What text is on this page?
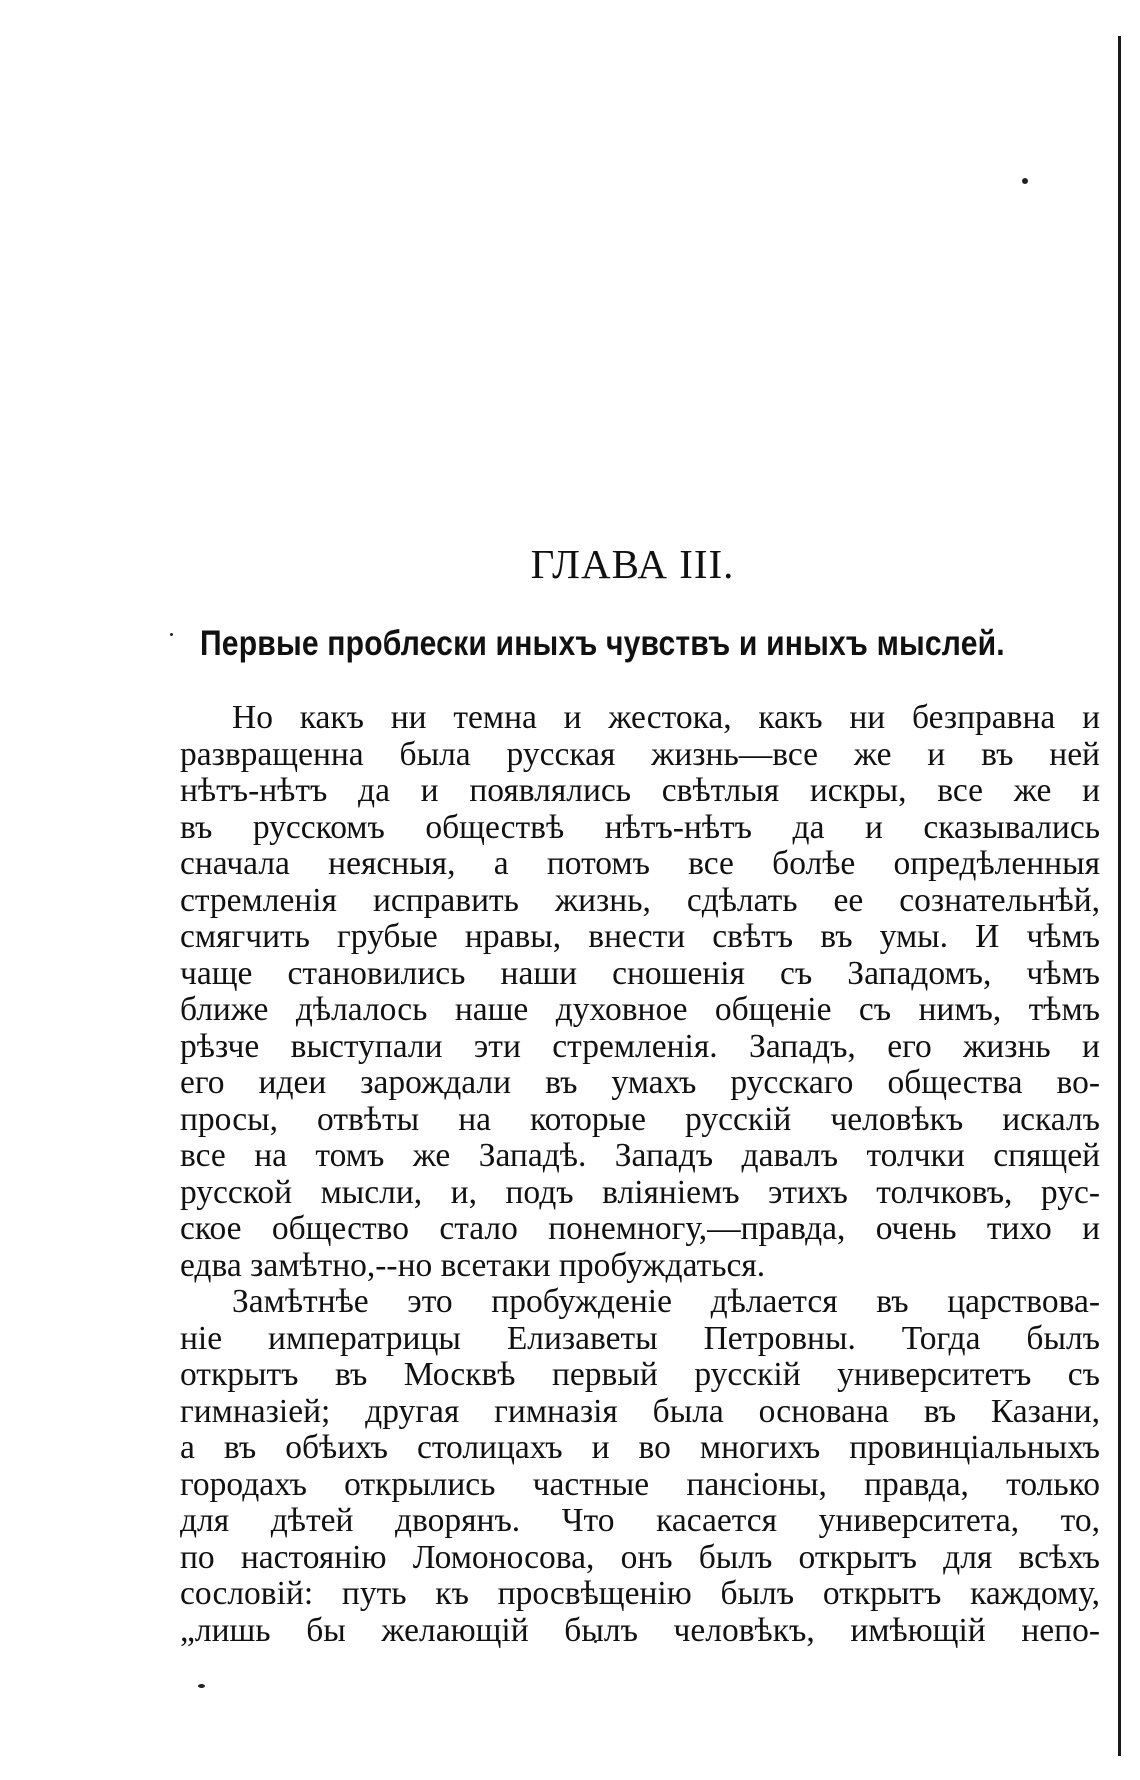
ГЛАВА III.
Первые проблески иныхъ чувствъ и иныхъ мыслей.
Но какъ ни темна и жестока, какъ ни безправна и
развращенна была русская жизнь—все же и въ ней
нѣтъ-нѣтъ да и появлялись свѣтлыя искры, все же и
въ русскомъ обществѣ нѣтъ-нѣтъ да и сказывались
сначала неясныя, а потомъ все болѣе опредѣленныя
стремленія исправить жизнь, сдѣлать ее сознательнѣй,
смягчить грубые нравы, внести свѣтъ въ умы. И чѣмъ
чаще становились наши сношенія съ Западомъ, чѣмъ
ближе дѣлалось наше духовное общеніе съ нимъ, тѣмъ
рѣзче выступали эти стремленія. Западъ, его жизнь и
его идеи зарождали въ умахъ русскаго общества во-
просы, отвѣты на которые русскій человѣкъ искалъ
все на томъ же Западѣ. Западъ давалъ толчки спящей
русской мысли, и, подъ вліяніемъ этихъ толчковъ, рус-
ское общество стало понемногу,—правда, очень тихо и
едва замѣтно,--но всетаки пробуждаться.
Замѣтнѣе это пробужденіе дѣлается въ царствова-
ніе императрицы Елизаветы Петровны. Тогда былъ
открытъ въ Москвѣ первый русскій университетъ съ
гимназіей; другая гимназія была основана въ Казани,
а въ обѣихъ столицахъ и во многихъ провинціальныхъ
городахъ открылись частные пансіоны, правда, только
для дѣтей дворянъ. Что касается университета, то,
по настоянію Ломоносова, онъ былъ открытъ для всѣхъ
сословій: путь къ просвѣщенію былъ открытъ каждому,
„лишь бы желающій былъ человѣкъ, имѣющій непо-
